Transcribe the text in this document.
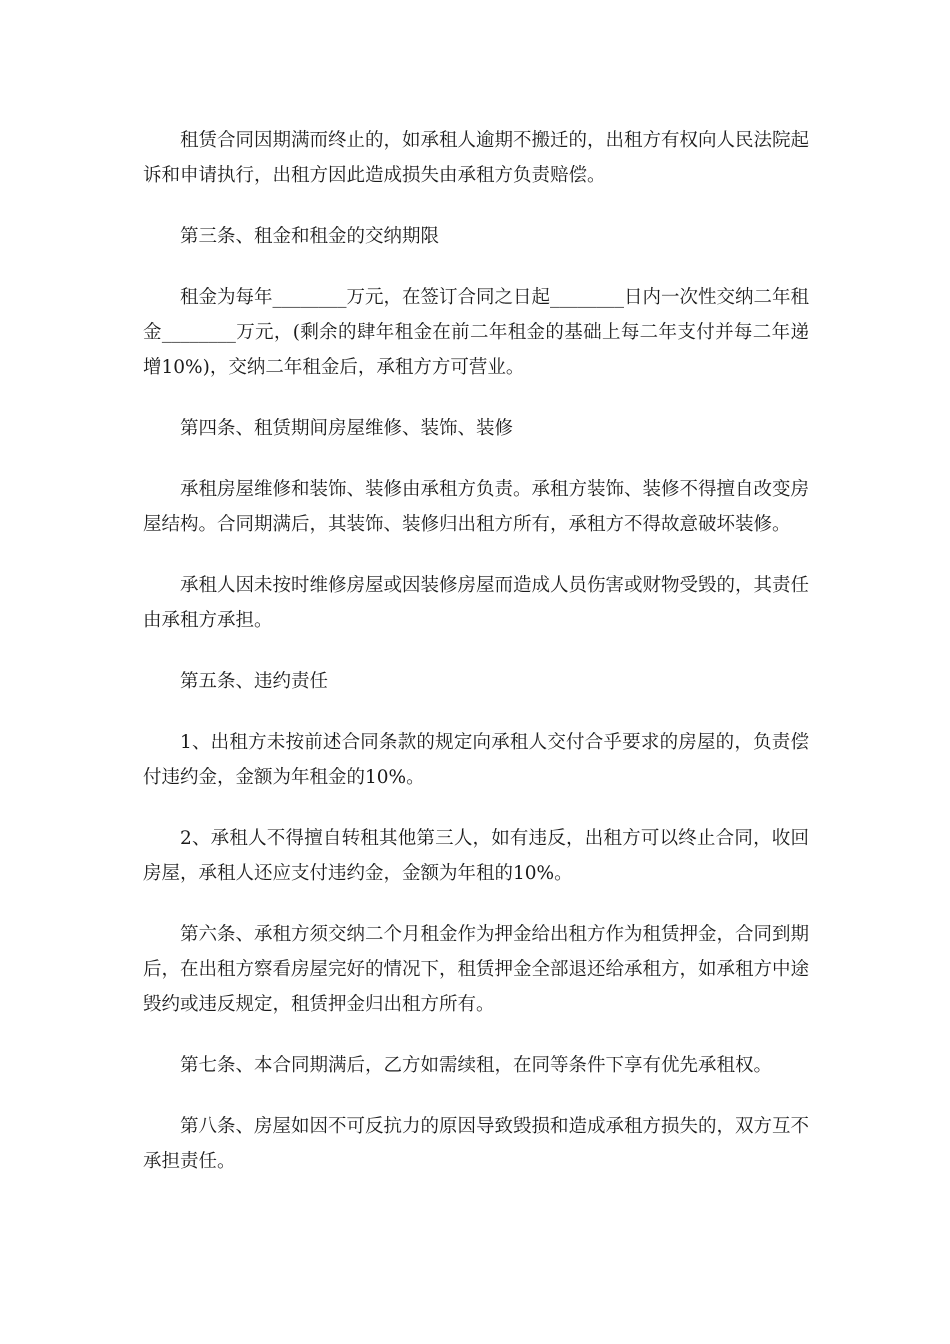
租赁合同因期满而终止的，如承租人逾期不搬迁的，出租方有权向人民法院起诉和申请执行，出租方因此造成损失由承租方负责赔偿。

第三条、租金和租金的交纳期限

租金为每年________万元，在签订合同之日起________日内一次性交纳二年租金________万元，(剩余的肆年租金在前二年租金的基础上每二年支付并每二年递增10%)，交纳二年租金后，承租方方可营业。

第四条、租赁期间房屋维修、装饰、装修

承租房屋维修和装饰、装修由承租方负责。承租方装饰、装修不得擅自改变房屋结构。合同期满后，其装饰、装修归出租方所有，承租方不得故意破坏装修。

承租人因未按时维修房屋或因装修房屋而造成人员伤害或财物受毁的，其责任由承租方承担。

第五条、违约责任

1、出租方未按前述合同条款的规定向承租人交付合乎要求的房屋的，负责偿付违约金，金额为年租金的10%。

2、承租人不得擅自转租其他第三人，如有违反，出租方可以终止合同，收回房屋，承租人还应支付违约金，金额为年租的10%。

第六条、承租方须交纳二个月租金作为押金给出租方作为租赁押金，合同到期后，在出租方察看房屋完好的情况下，租赁押金全部退还给承租方，如承租方中途毁约或违反规定，租赁押金归出租方所有。

第七条、本合同期满后，乙方如需续租，在同等条件下享有优先承租权。

第八条、房屋如因不可反抗力的原因导致毁损和造成承租方损失的，双方互不承担责任。
